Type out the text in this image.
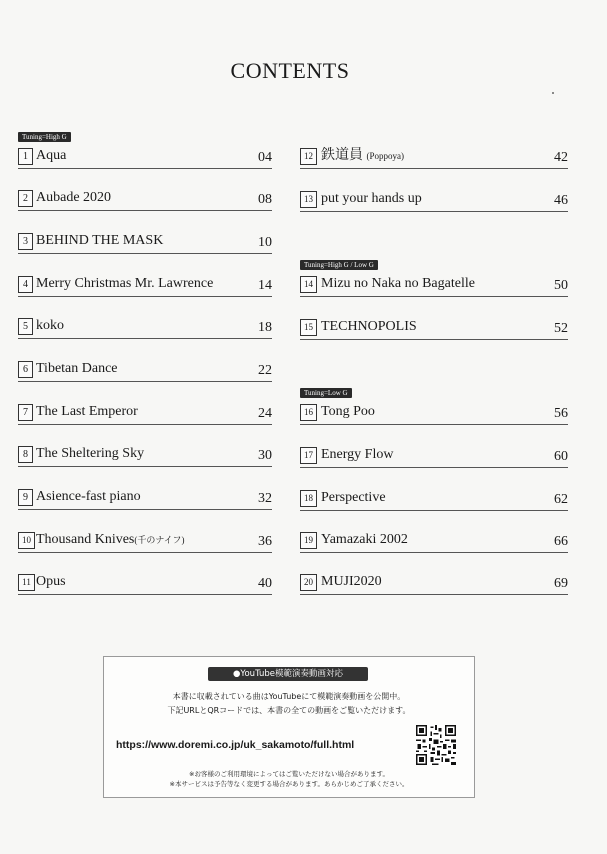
CONTENTS
Tuning=High G
1 Aqua	04
2 Aubade 2020	08
3 BEHIND THE MASK	10
4 Merry Christmas Mr. Lawrence	14
5 koko	18
6 Tibetan Dance	22
7 The Last Emperor	24
8 The Sheltering Sky	30
9 Asience-fast piano	32
10 Thousand Knives(千のナイフ)	36
11 Opus	40
12 鉄道員 (Poppoya)	42
13 put your hands up	46
Tuning=High G / Low G
14 Mizu no Naka no Bagatelle	50
15 TECHNOPOLIS	52
Tuning=Low G
16 Tong Poo	56
17 Energy Flow	60
18 Perspective	62
19 Yamazaki 2002	66
20 MUJI2020	69
●YouTube模範演奏動画対応
本書に収載されている曲はYouTubeにて模範演奏動画を公開中。
下記URLとQRコードでは、本書の全ての動画をご覧いただけます。
https://www.doremi.co.jp/uk_sakamoto/full.html
※お客様のご利用環境によってはご覧いただけない場合があります。
※本サービスは予告等なく変更する場合があります。あらかじめご了承ください。
